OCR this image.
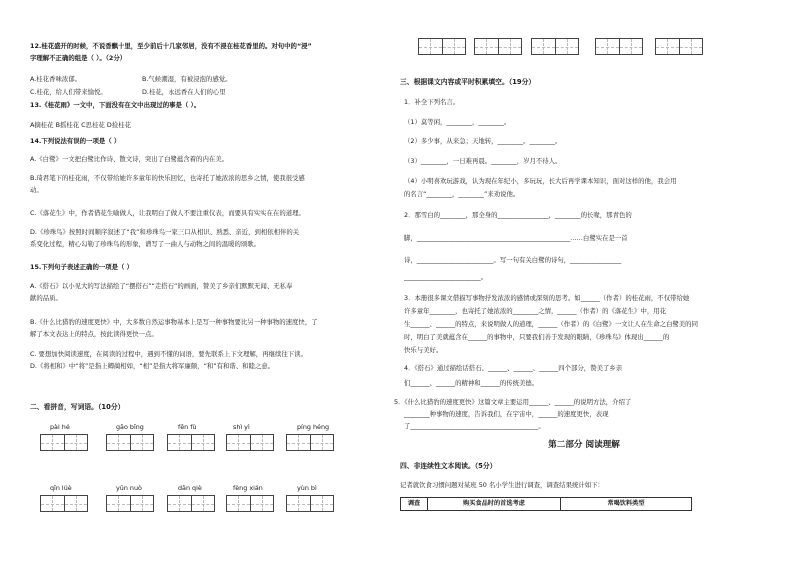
12.桂花盛开的时候，不说香飘十里，至少前后十几家邻居，没有不浸在桂花香里的。对句中的“浸”
字理解不正确的组是（ ）。（2分）
A.桂花香味浓郁。	B.气候潮湿，有被浸泡的感觉。
C.桂花，给人们带来愉悦。	D.桂花，永远香在人们的心里
13.《桂花雨》一文中，下面没有在文中出现过的事是（ ）。
A摘桂花 B摇桂花 C思桂花 D捡桂花
14.下列说法有误的一项是（ ）
A.《白鹭》一文把白鹭比作诗、散文诗，突出了白鹭蕴含着的内在美。
B.琦君笔下的桂花雨，不仅带给她许多童年的快乐回忆，也寄托了她浓浓的思乡之情，使我很受感
动。
C.《落花生》中，作者借花生喻做人，让我明白了做人不要注重仪表，而要具有实实在在的道理。
D.《珍珠鸟》按照时间顺序叙述了“我”和珍珠鸟一家三口从相识、熟悉、亲近，到相依相伴的关
系变化过程，精心勾勒了珍珠鸟的形象，谱写了一曲人与动物之间的温暖的颂歌。
15.下列句子表述正确的一项是（ ）
A.《搭石》以小见大的写法描绘了“摆搭石”“走搭石”的画面，赞美了乡亲们默默无闻、无私奉
献的品质。
B.《什么比猎豹的速度更快》中，大多数自然运事物基本上是写一种事物要比另一种事物的速度快，了
解了本文表达上的特点，按此读得更快一点。
C. 要想加快阅读速度，在阅读的过程中，遇到不懂的词语，要先联系上下文理解，再继续往下读。
D.《将相和》中“将”是指上卿蔺相如，“相”是指大将军廉颇，“和”有和谐、和睦之意。
二、看拼音，写词语。（10分）
pài hé	gāo bīng	fēn fù	shì yì	píng héng
qīn lüè	yūn nuò	dān qiè	fèng xián	yùn bì
三、根据课文内容或平时积累填空。（19分）
1．补全下列名言。
（1）莫等闲，________，________。
（2）多少事，从来急；天地转，________。________。
（3）________，一日难再晨。________，岁月不待人。
（4）小明喜欢玩游戏，认为现在年纪小，多玩玩，长大后再学课本知识，面对这样的他，我会用
的名言“________，________”来劝说他。
2．那雪白的________，那全身的________________，________的长喙，那青色的
脚，________________________________________________……白鹭实在是一首
诗，________________________。写一句有关白鹭的诗句，________________
________________________。
3．本册很多课文借描写事物抒发浓浓的感情或深刻的思考。如______（作者）的桂花雨，不仅带给她
许多童年________，也寄托了她浓浓的________之情，______（作者）的《落花生》中，用花
生______、______的特点，来说明做人的道理，______（作者）的《白鹭》一文让人在生命之白鹭美的同
时，明白了美就蕴含在______的事物中，只要我们善于发现的眼睛，《珍珠鸟》体现出______的
快乐与美好。
4．《搭石》通过描绘话搭石、______、______、______四个部分，赞美了乡亲
们______、______的精神和______的传统美德。
5．《什么比猎豹的速度更快》这篇文章主要运用______、______的说明方法，介绍了
________种事物的速度，告诉我们，在宇宙中，______的速度更快，表现
了________________________________________。
第二部分 阅读理解
四、非连续性文本阅读。（5分）
记者就饮食习惯问题对某班 50 名小学生进行调查，调查结果统计如下：
调查	购买食品时的首选考虑	常喝饮料类型
